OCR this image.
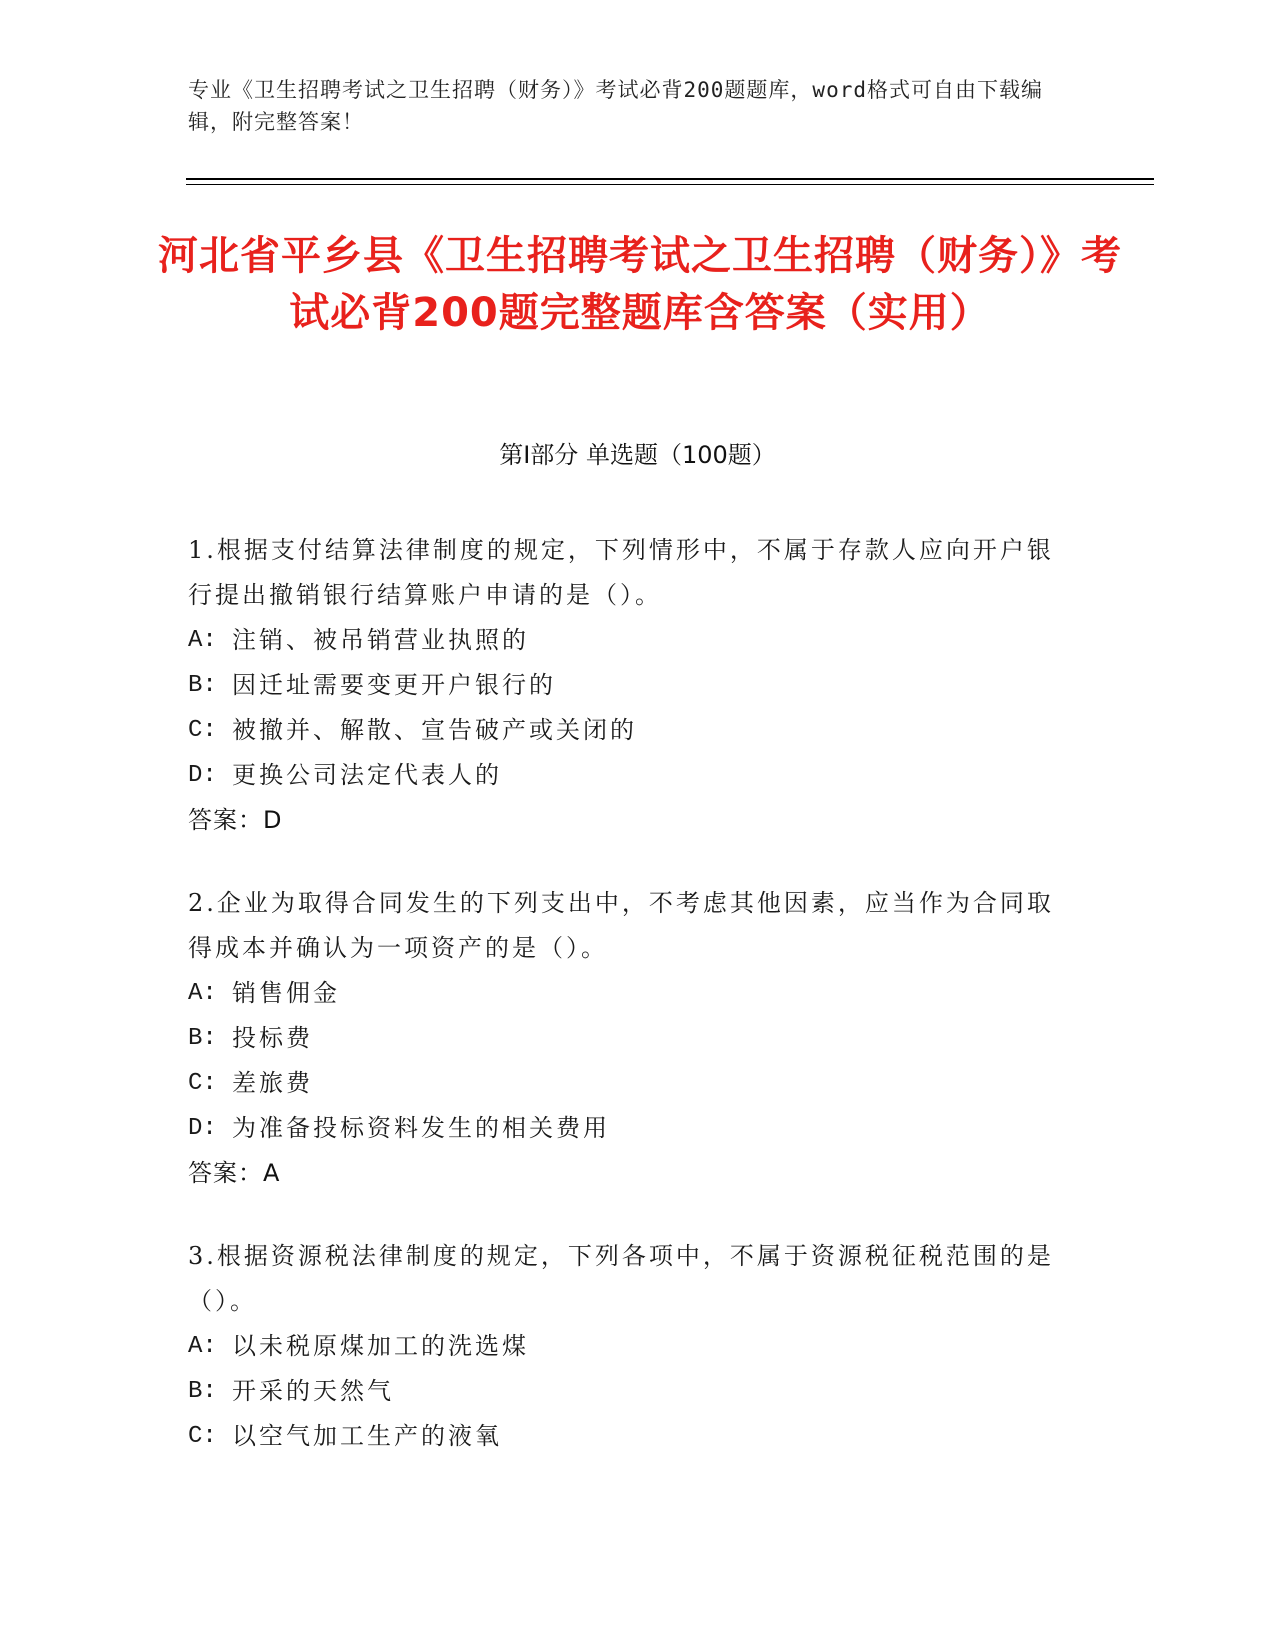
专业《卫生招聘考试之卫生招聘（财务）》考试必背200题题库，word格式可自由下载编辑，附完整答案！
河北省平乡县《卫生招聘考试之卫生招聘（财务）》考试必背200题完整题库含答案（实用）
第Ⅰ部分 单选题（100题）
1.根据支付结算法律制度的规定，下列情形中，不属于存款人应向开户银行提出撤销银行结算账户申请的是（）。
A: 注销、被吊销营业执照的
B: 因迁址需要变更开户银行的
C: 被撤并、解散、宣告破产或关闭的
D: 更换公司法定代表人的
答案：D
2.企业为取得合同发生的下列支出中，不考虑其他因素，应当作为合同取得成本并确认为一项资产的是（）。
A: 销售佣金
B: 投标费
C: 差旅费
D: 为准备投标资料发生的相关费用
答案：A
3.根据资源税法律制度的规定，下列各项中，不属于资源税征税范围的是（）。
A: 以未税原煤加工的洗选煤
B: 开采的天然气
C: 以空气加工生产的液氧
